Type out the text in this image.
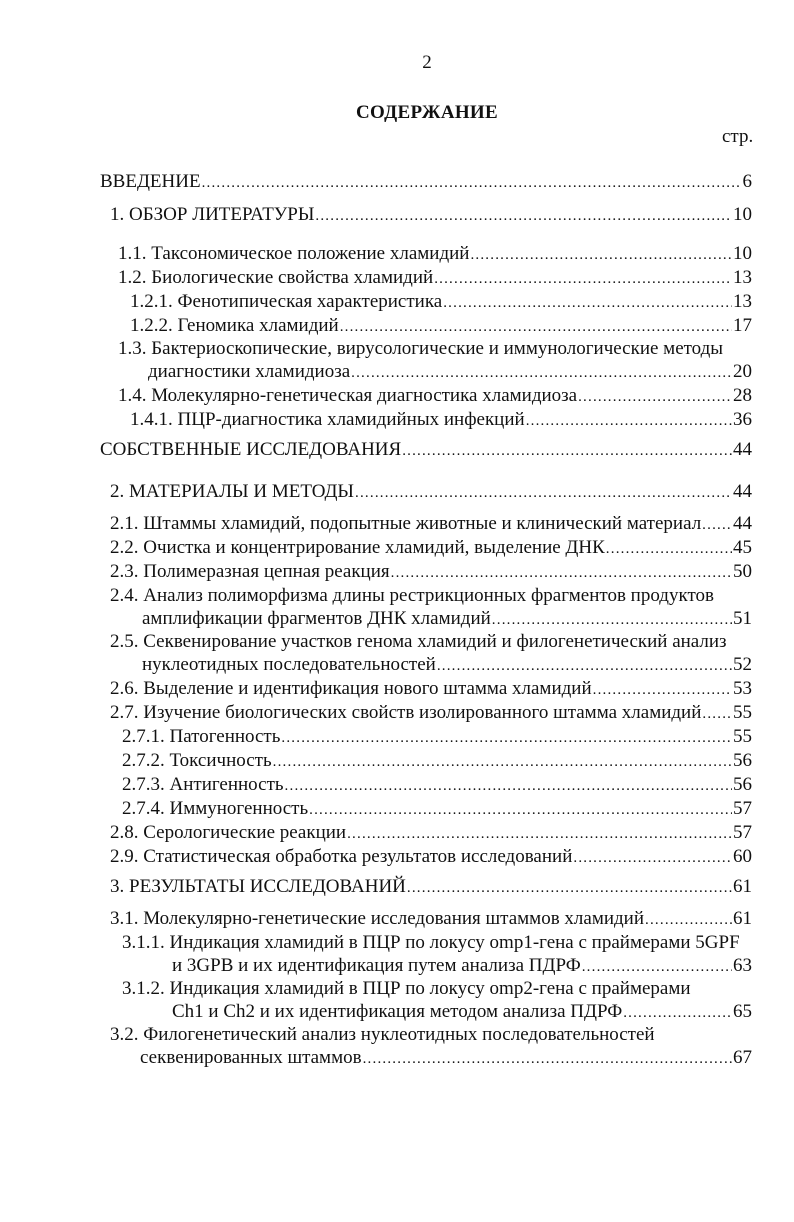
2
СОДЕРЖАНИЕ
стр.
ВВЕДЕНИЕ .....	6
1. ОБЗОР ЛИТЕРАТУРЫ .....	10
1.1. Таксономическое положение хламидий .....	10
1.2. Биологические свойства хламидий .....	13
1.2.1. Фенотипическая характеристика .....	13
1.2.2. Геномика хламидий .....	17
1.3. Бактериоскопические, вирусологические и иммунологические методы
диагностики хламидиоза .....	20
1.4. Молекулярно-генетическая диагностика хламидиоза .....	28
1.4.1. ПЦР-диагностика хламидийных инфекций .....	36
СОБСТВЕННЫЕ ИССЛЕДОВАНИЯ .....	44
2. МАТЕРИАЛЫ И МЕТОДЫ .....	44
2.1. Штаммы хламидий, подопытные животные и клинический материал ..... 44
2.2. Очистка и концентрирование хламидий, выделение ДНК .....	45
2.3. Полимеразная цепная реакция .....	50
2.4. Анализ полиморфизма длины рестрикционных фрагментов продуктов
амплификации фрагментов ДНК хламидий .....	51
2.5. Секвенирование участков генома хламидий и филогенетический анализ
нуклеотидных последовательностей .....	52
2.6. Выделение и идентификация нового штамма хламидий .....	53
2.7. Изучение биологических свойств изолированного штамма хламидий ..... 55
2.7.1. Патогенность .....	55
2.7.2. Токсичность .....	56
2.7.3. Антигенность .....	56
2.7.4. Иммуногенность .....	57
2.8. Серологические реакции .....	57
2.9. Статистическая обработка результатов исследований .....	60
3. РЕЗУЛЬТАТЫ ИССЛЕДОВАНИЙ .....	61
3.1. Молекулярно-генетические исследования штаммов хламидий .....	61
3.1.1. Индикация хламидий в ПЦР по локусу omp1-гена с праймерами 5GPF
и 3GPB и их идентификация путем анализа ПДРФ .....	63
3.1.2. Индикация хламидий в ПЦР по локусу omp2-гена с праймерами
Ch1 и Ch2 и их идентификация методом анализа ПДРФ .....	65
3.2. Филогенетический анализ нуклеотидных последовательностей
секвенированных штаммов .....	67
